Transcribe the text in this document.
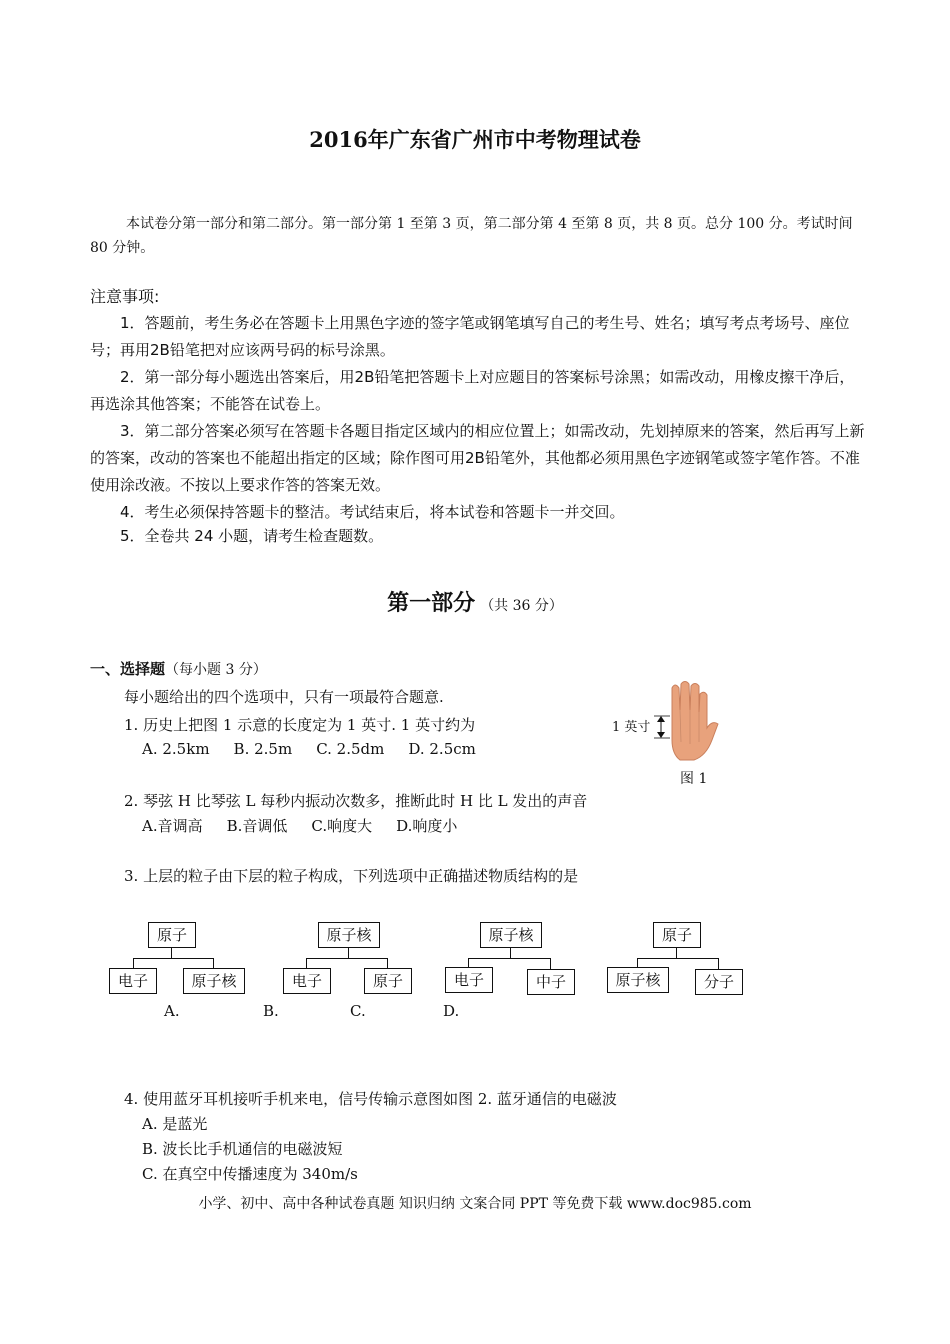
2016年广东省广州市中考物理试卷
本试卷分第一部分和第二部分。第一部分第 1 至第 3 页，第二部分第 4 至第 8 页，共 8 页。总分 100 分。考试时间 80 分钟。
注意事项:
1．答题前，考生务必在答题卡上用黑色字迹的签字笔或钢笔填写自己的考生号、姓名；填写考点考场号、座位号；再用2B铅笔把对应该两号码的标号涂黑。
2．第一部分每小题选出答案后，用2B铅笔把答题卡上对应题目的答案标号涂黑；如需改动，用橡皮擦干净后，再选涂其他答案；不能答在试卷上。
3．第二部分答案必须写在答题卡各题目指定区域内的相应位置上；如需改动，先划掉原来的答案，然后再写上新的答案，改动的答案也不能超出指定的区域；除作图可用2B铅笔外，其他都必须用黑色字迹钢笔或签字笔作答。不准使用涂改液。不按以上要求作答的答案无效。
4．考生必须保持答题卡的整洁。考试结束后，将本试卷和答题卡一并交回。
5．全卷共 24 小题，请考生检查题数。
第一部分 （共 36 分）
一、选择题（每小题 3 分）
每小题给出的四个选项中，只有一项最符合题意.
1. 历史上把图 1 示意的长度定为 1 英寸. 1 英寸约为
A. 2.5km B. 2.5m C. 2.5dm D. 2.5cm
1 英寸
图 1
2. 琴弦 H 比琴弦 L 每秒内振动次数多，推断此时 H 比 L 发出的声音
A.音调高 B.音调低 C.响度大 D.响度小
3. 上层的粒子由下层的粒子构成，下列选项中正确描述物质结构的是
原子
电子	原子核
A.
原子核
电子	原子
B.
原子核
电子	中子
C.
原子
原子核	分子
D.
4. 使用蓝牙耳机接听手机来电，信号传输示意图如图 2. 蓝牙通信的电磁波
A. 是蓝光
B. 波长比手机通信的电磁波短
C. 在真空中传播速度为 340m/s
小学、初中、高中各种试卷真题 知识归纳 文案合同 PPT 等免费下载 www.doc985.com
